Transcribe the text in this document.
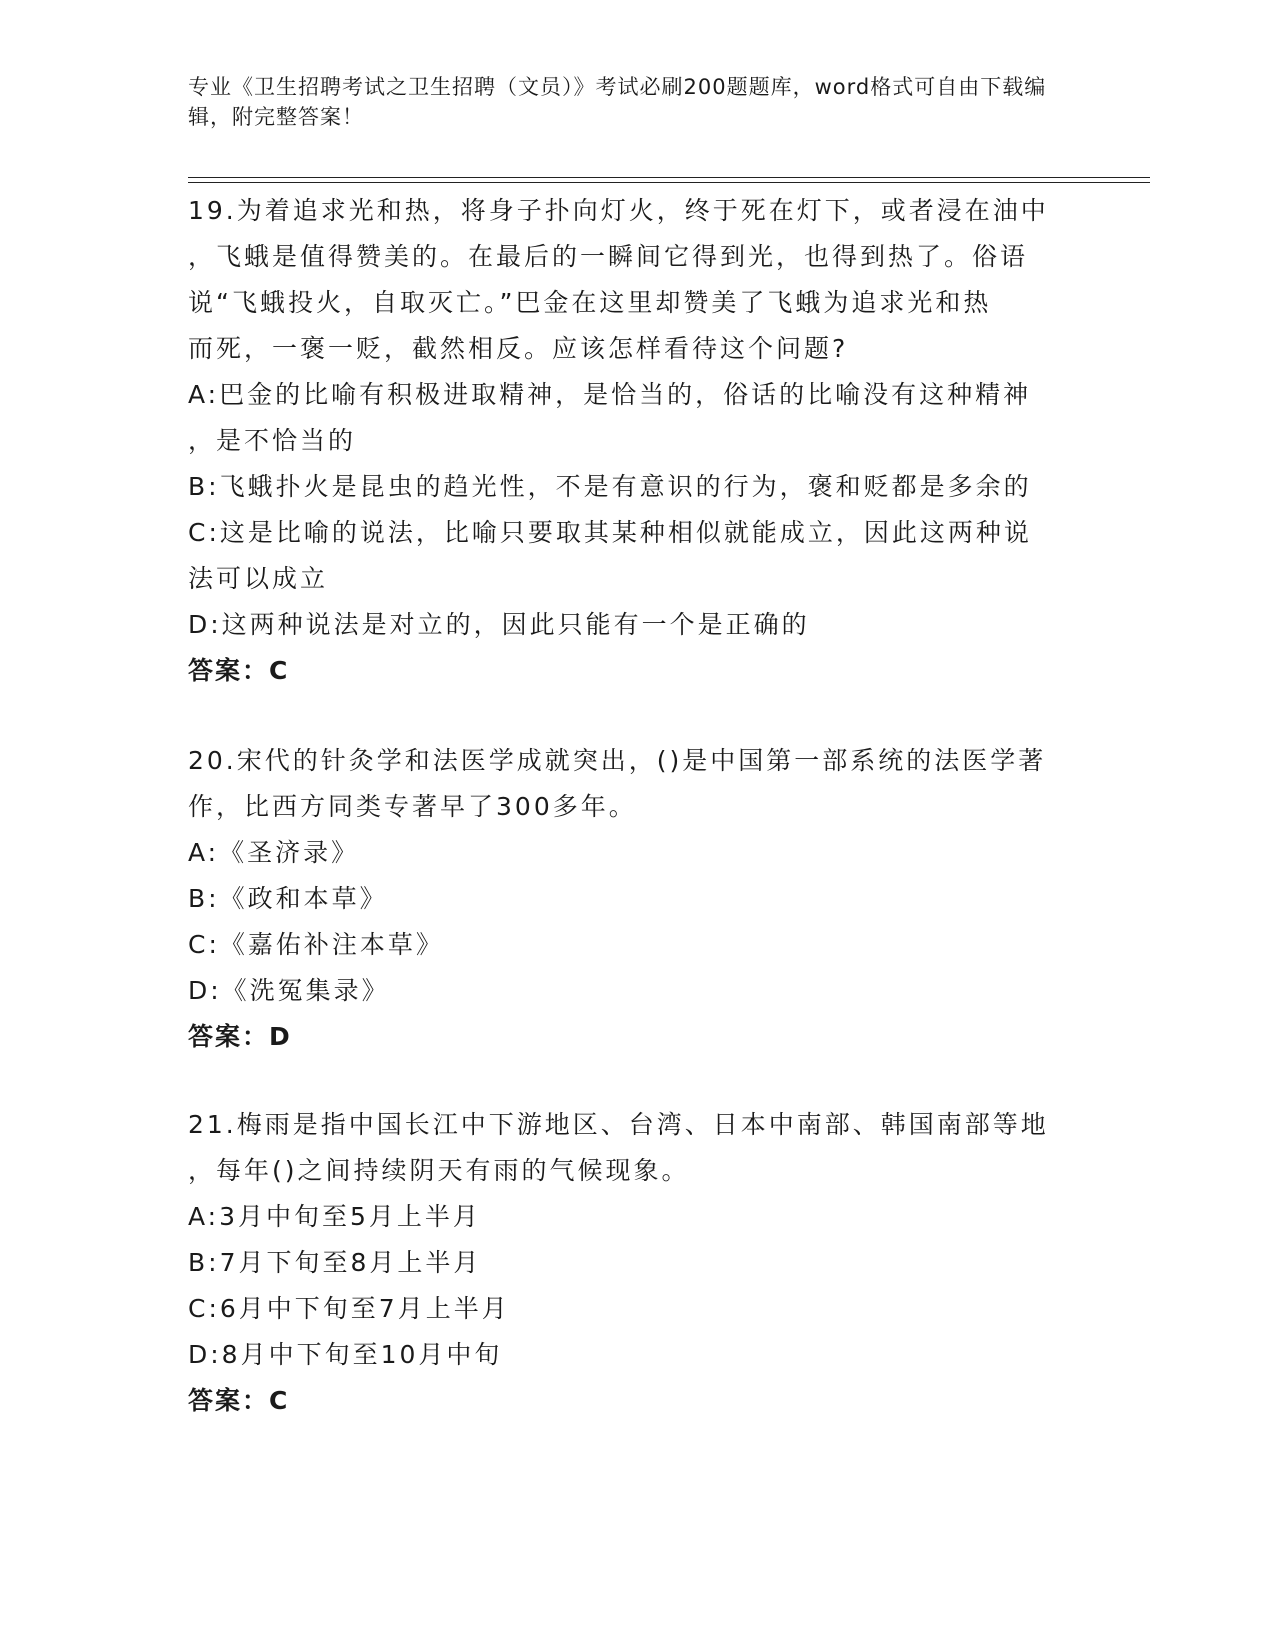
专业《卫生招聘考试之卫生招聘（文员）》考试必刷200题题库，word格式可自由下载编辑，附完整答案！

19.为着追求光和热，将身子扑向灯火，终于死在灯下，或者浸在油中

，飞蛾是值得赞美的。在最后的一瞬间它得到光，也得到热了。俗语

说“飞蛾投火，自取灭亡。”巴金在这里却赞美了飞蛾为追求光和热

而死，一褒一贬，截然相反。应该怎样看待这个问题?

A:巴金的比喻有积极进取精神，是恰当的，俗话的比喻没有这种精神

，是不恰当的

B:飞蛾扑火是昆虫的趋光性，不是有意识的行为，褒和贬都是多余的

C:这是比喻的说法，比喻只要取其某种相似就能成立，因此这两种说

法可以成立

D:这两种说法是对立的，因此只能有一个是正确的

答案：C

20.宋代的针灸学和法医学成就突出，()是中国第一部系统的法医学著

作，比西方同类专著早了300多年。

A:《圣济录》

B:《政和本草》

C:《嘉佑补注本草》

D:《洗冤集录》

答案：D

21.梅雨是指中国长江中下游地区、台湾、日本中南部、韩国南部等地

，每年()之间持续阴天有雨的气候现象。

A:3月中旬至5月上半月

B:7月下旬至8月上半月

C:6月中下旬至7月上半月

D:8月中下旬至10月中旬

答案：C
